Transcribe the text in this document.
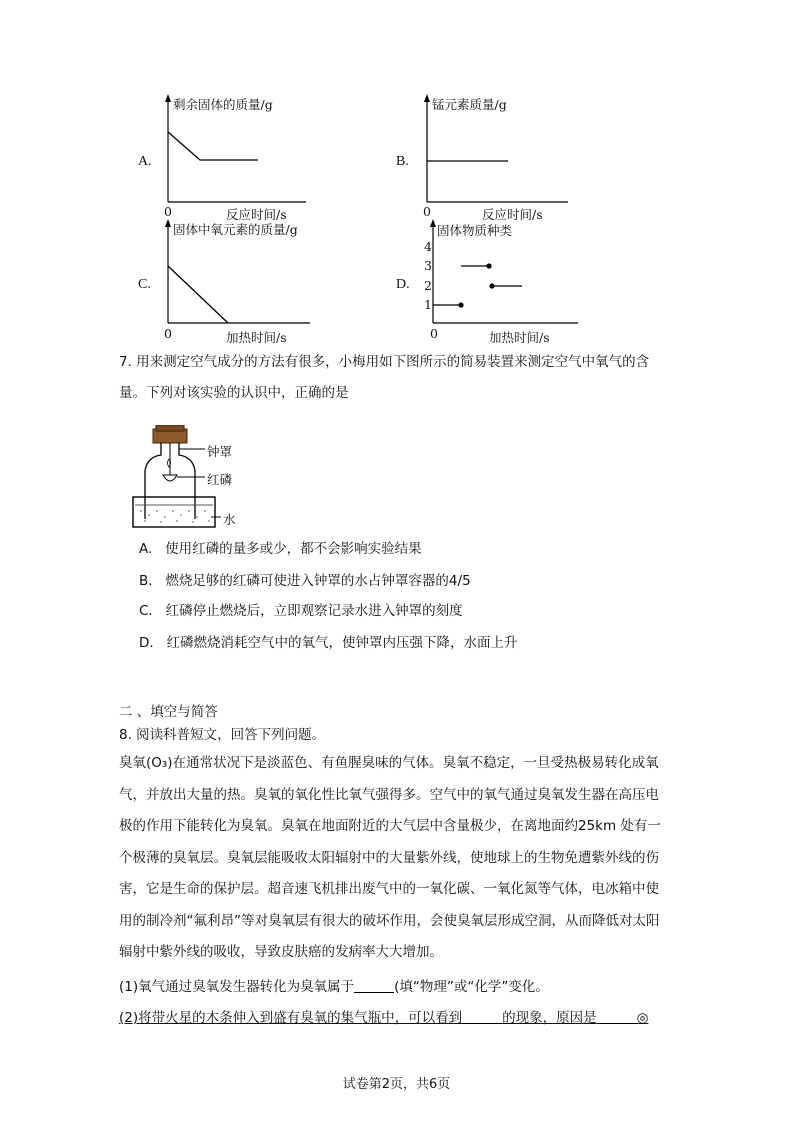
A.
剩余固体的质量/g
0	反应时间/s
B.
锰元素质量/g
0	反应时间/s
C.
固体中氧元素的质量/g
0	加热时间/s
D.
固体物质种类
4
3
2
1
0	加热时间/s
7. 用来测定空气成分的方法有很多，小梅用如下图所示的简易装置来测定空气中氧气的含
量。下列对该实验的认识中，正确的是
钟罩
红磷
水
A. 使用红磷的量多或少，都不会影响实验结果
B. 燃烧足够的红磷可使进入钟罩的水占钟罩容器的4/5
C. 红磷停止燃烧后，立即观察记录水进入钟罩的刻度
D. 红磷燃烧消耗空气中的氧气，使钟罩内压强下降，水面上升
二 、填空与简答
8. 阅读科普短文，回答下列问题。
臭氧(O₃)在通常状况下是淡蓝色、有鱼腥臭味的气体。臭氧不稳定，一旦受热极易转化成氧
气，并放出大量的热。臭氧的氧化性比氧气强得多。空气中的氧气通过臭氧发生器在高压电
极的作用下能转化为臭氧。臭氧在地面附近的大气层中含量极少，在离地面约25km 处有一
个极薄的臭氧层。臭氧层能吸收太阳辐射中的大量紫外线，使地球上的生物免遭紫外线的伤
害，它是生命的保护层。超音速飞机排出废气中的一氧化碳、一氧化氮等气体，电冰箱中使
用的制冷剂“氟利昂”等对臭氧层有很大的破坏作用，会使臭氧层形成空洞，从而降低对太阳
辐射中紫外线的吸收，导致皮肤癌的发病率大大增加。
(1)氧气通过臭氧发生器转化为臭氧属于	(填“物理”或“化学”变化。
(2)将带火星的木条伸入到盛有臭氧的集气瓶中，可以看到	的现象，原因是	◎
试卷第2页，共6页
